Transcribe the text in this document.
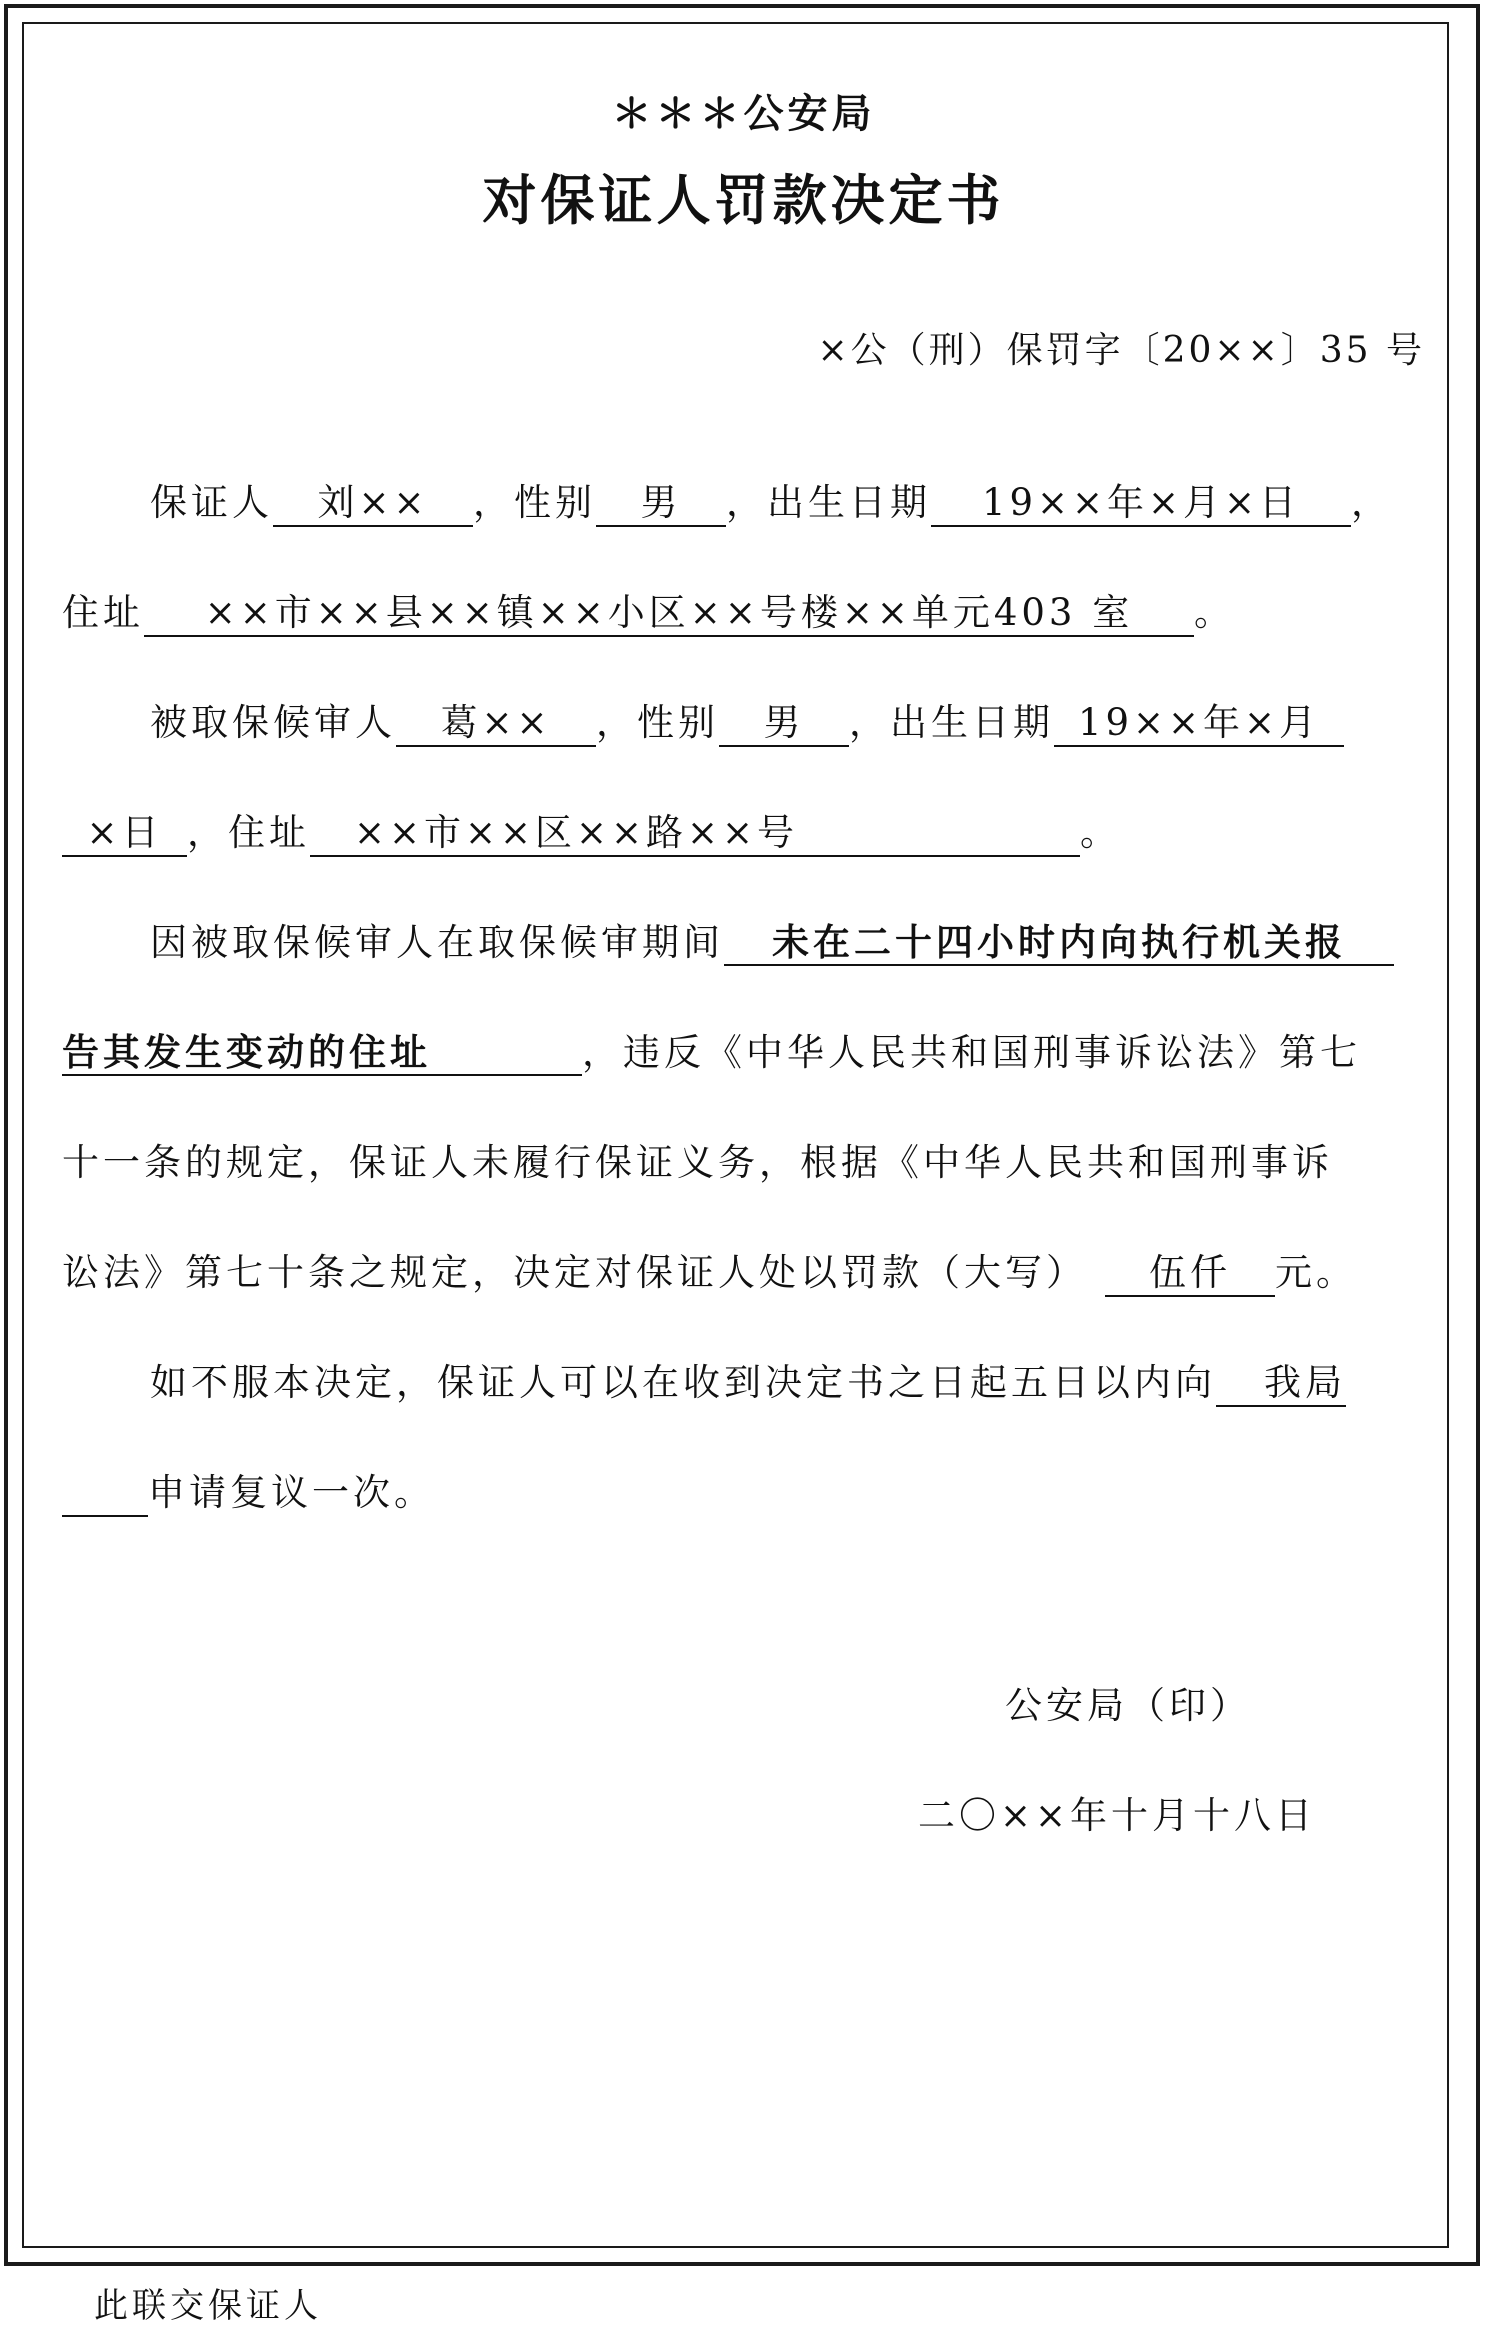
＊＊＊公安局
对保证人罚款决定书
×公（刑）保罚字〔20××〕35 号
保证人 刘×× ，性别 男 ，出生日期 19××年×月×日 ，
住址 ××市××县××镇××小区××号楼××单元403 室 。
被取保候审人 葛×× ，性别 男 ，出生日期 19××年×月
×日 ，住址 ××市××区××路××号	。
因被取保候审人在取保候审期间 未在二十四小时内向执行机关报
告其发生变动的住址	，违反《中华人民共和国刑事诉讼法》第七
十一条的规定，保证人未履行保证义务，根据《中华人民共和国刑事诉
讼法》第七十条之规定，决定对保证人处以罚款（大写） 伍仟 元。
如不服本决定，保证人可以在收到决定书之日起五日以内向 我局
申请复议一次。
公安局（印）
二〇××年十月十八日
此联交保证人
